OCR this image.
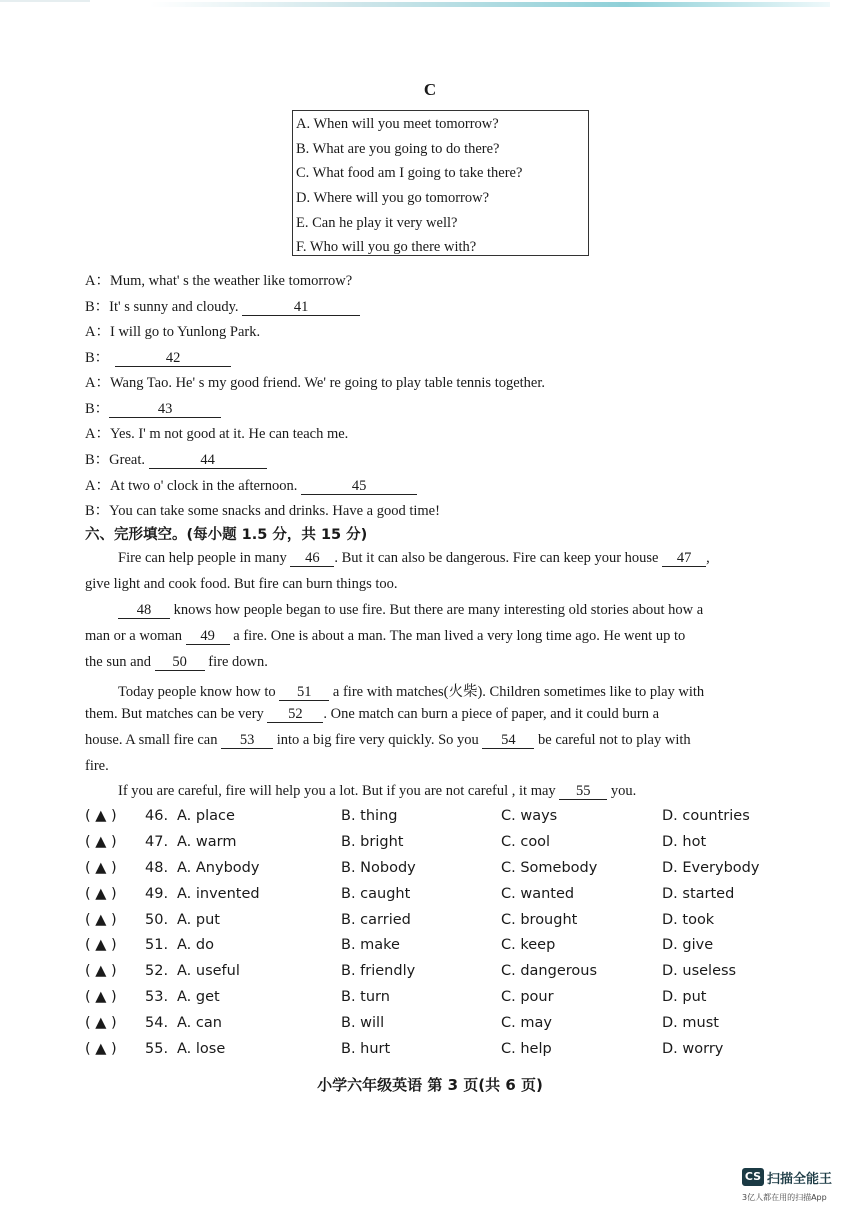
C
A. When will you meet tomorrow?
B. What are you going to do there?
C. What food am I going to take there?
D. Where will you go tomorrow?
E. Can he play it very well?
F. Who will you go there with?
A：Mum, what' s the weather like tomorrow?
B：It' s sunny and cloudy.	41
A：I will go to Yunlong Park.
B：	42
A：Wang Tao. He' s my good friend. We' re going to play table tennis together.
B：	43
A：Yes. I' m not good at it. He can teach me.
B：Great.	44
A：At two o' clock in the afternoon.	45
B：You can take some snacks and drinks. Have a good time!
六、完形填空。(每小题 1.5 分，共 15 分)
Fire can help people in many 46 . But it can also be dangerous. Fire can keep your house 47 ,
give light and cook food. But fire can burn things too.
48 knows how people began to use fire. But there are many interesting old stories about how a
man or a woman 49 a fire. One is about a man. The man lived a very long time ago. He went up to
the sun and 50 fire down.
Today people know how to 51 a fire with matches(火柴). Children sometimes like to play with
them. But matches can be very 52 . One match can burn a piece of paper, and it could burn a
house. A small fire can 53 into a big fire very quickly. So you 54 be careful not to play with
fire.
If you are careful, fire will help you a lot. But if you are not careful , it may 55 you.
( ▲ ) 46. A. place	B. thing	C. ways	D. countries
( ▲ ) 47. A. warm	B. bright	C. cool	D. hot
( ▲ ) 48. A. Anybody	B. Nobody	C. Somebody	D. Everybody
( ▲ ) 49. A. invented	B. caught	C. wanted	D. started
( ▲ ) 50. A. put	B. carried	C. brought	D. took
( ▲ ) 51. A. do	B. make	C. keep	D. give
( ▲ ) 52. A. useful	B. friendly	C. dangerous	D. useless
( ▲ ) 53. A. get	B. turn	C. pour	D. put
( ▲ ) 54. A. can	B. will	C. may	D. must
( ▲ ) 55. A. lose	B. hurt	C. help	D. worry
小学六年级英语 第 3 页(共 6 页)
CS 扫描全能王
3亿人都在用的扫描App
